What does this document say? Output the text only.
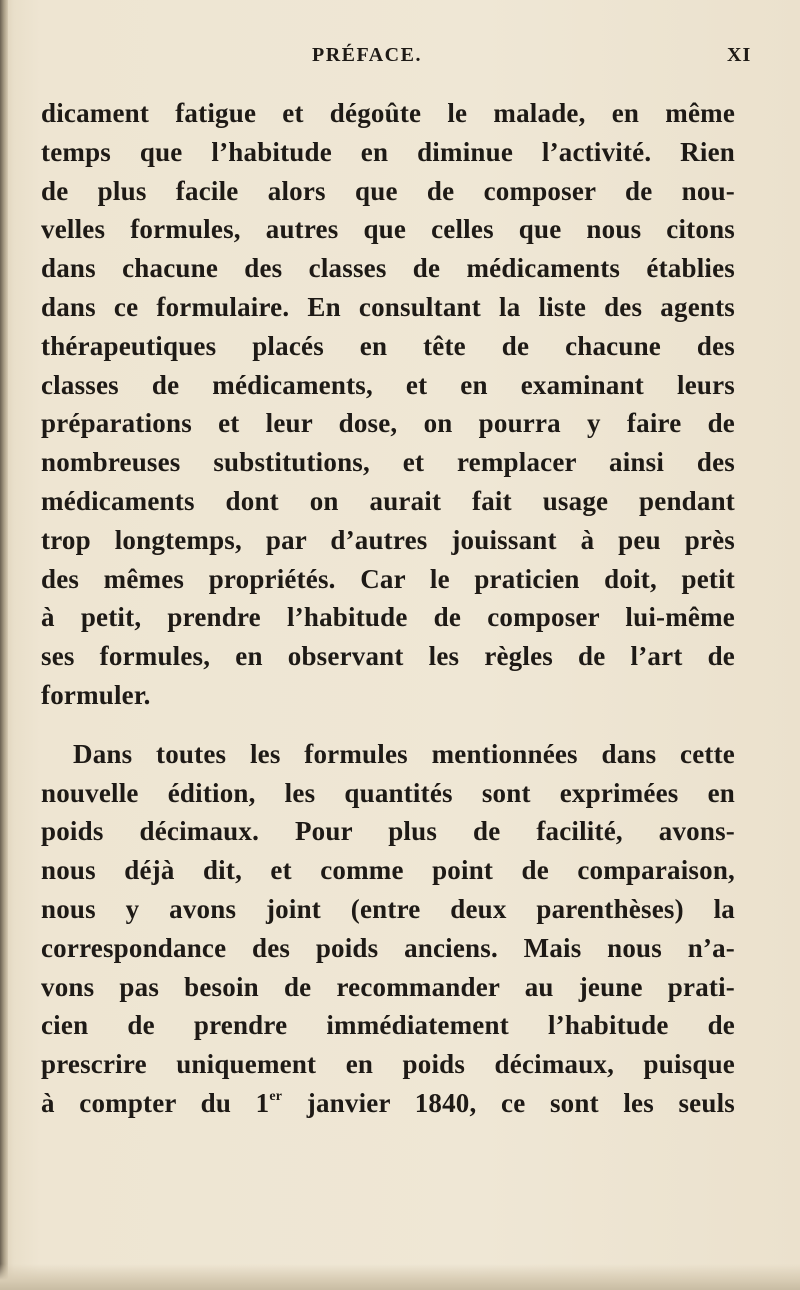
PRÉFACE.	XI
dicament fatigue et dégoûte le malade, en même
temps que l’habitude en diminue l’activité. Rien
de plus facile alors que de composer de nou-
velles formules, autres que celles que nous citons
dans chacune des classes de médicaments établies
dans ce formulaire. En consultant la liste des agents
thérapeutiques placés en tête de chacune des
classes de médicaments, et en examinant leurs
préparations et leur dose, on pourra y faire de
nombreuses substitutions, et remplacer ainsi des
médicaments dont on aurait fait usage pendant
trop longtemps, par d’autres jouissant à peu près
des mêmes propriétés. Car le praticien doit, petit
à petit, prendre l’habitude de composer lui-même
ses formules, en observant les règles de l’art de
formuler.
Dans toutes les formules mentionnées dans cette
nouvelle édition, les quantités sont exprimées en
poids décimaux. Pour plus de facilité, avons-
nous déjà dit, et comme point de comparaison,
nous y avons joint (entre deux parenthèses) la
correspondance des poids anciens. Mais nous n’a-
vons pas besoin de recommander au jeune prati-
cien de prendre immédiatement l’habitude de
prescrire uniquement en poids décimaux, puisque
à compter du 1er janvier 1840, ce sont les seuls
